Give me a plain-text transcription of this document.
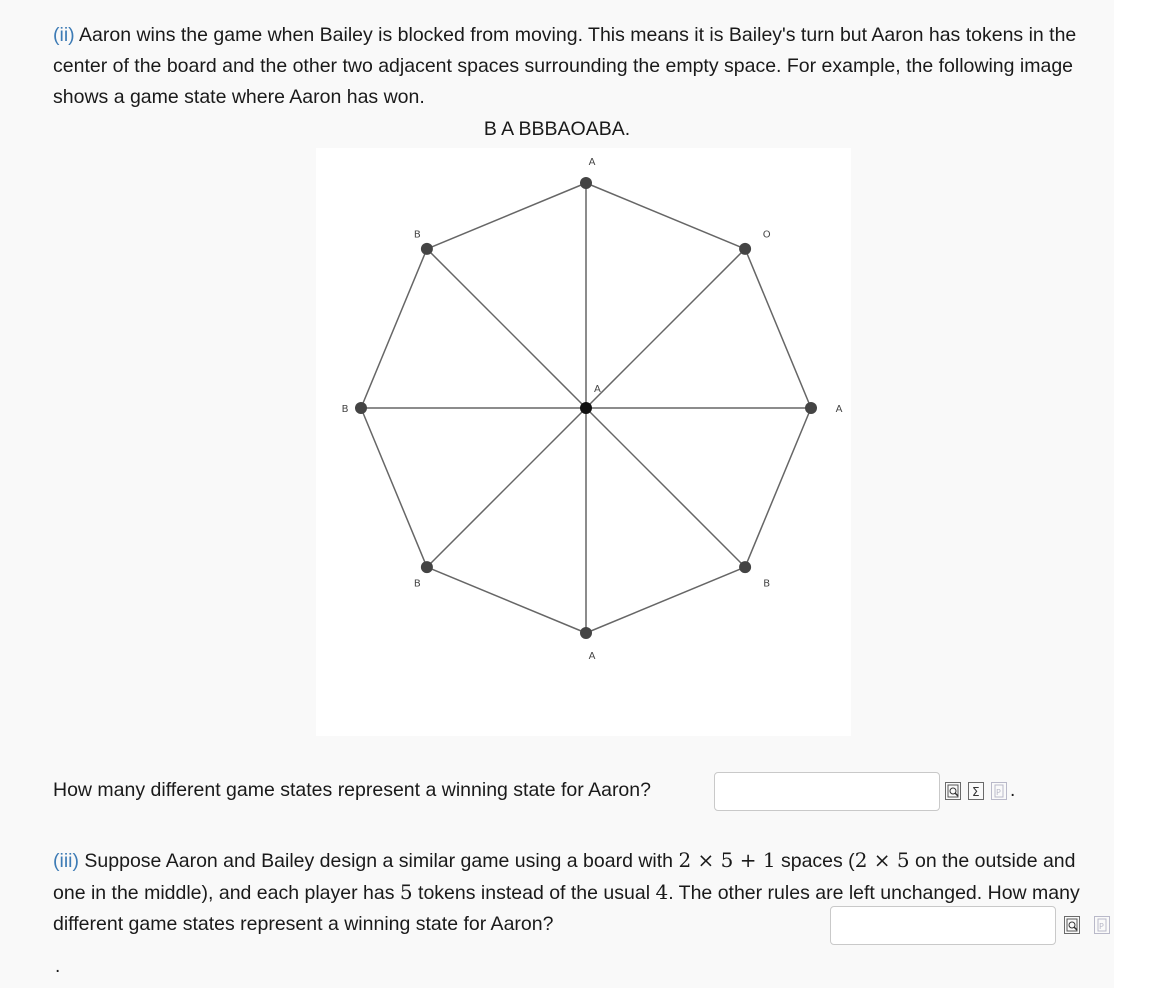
(ii) Aaron wins the game when Bailey is blocked from moving. This means it is Bailey's turn but Aaron has tokens in the center of the board and the other two adjacent spaces surrounding the empty space. For example, the following image shows a game state where Aaron has won.

B A BBBAOABA.
A
O
A
B
A
B
B
B
A
How many different game states represent a winning state for Aaron?	Σ P .

(iii) Suppose Aaron and Bailey design a similar game using a board with 2 × 5 + 1 spaces (2 × 5 on the outside and one in the middle), and each player has 5 tokens instead of the usual 4. The other rules are left unchanged. How many different game states represent a winning state for Aaron?	P
.
